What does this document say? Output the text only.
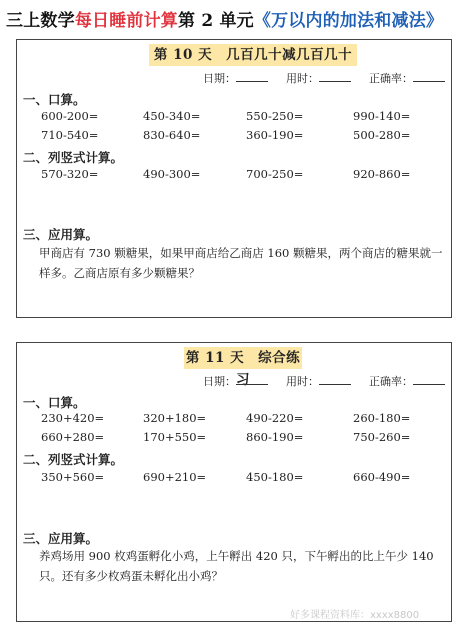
三上数学每日睡前计算第 2 单元《万以内的加法和减法》
第 10 天　几百几十减几百几十
日期：	用时：	正确率：
一、口算。
600-200=	450-340=	550-250=	990-140=
710-540=	830-640=	360-190=	500-280=
二、列竖式计算。
570-320=	490-300=	700-250=	920-860=
三、应用算。
甲商店有 730 颗糖果，如果甲商店给乙商店 160 颗糖果，两个商店的糖果就一样多。乙商店原有多少颗糖果？
第 11 天　综合练习
日期：	用时：	正确率：
一、口算。
230+420=	320+180=	490-220=	260-180=
660+280=	170+550=	860-190=	750-260=
二、列竖式计算。
350+560=	690+210=	450-180=	660-490=
三、应用算。
养鸡场用 900 枚鸡蛋孵化小鸡，上午孵出 420 只，下午孵出的比上午少 140 只。还有多少枚鸡蛋未孵化出小鸡？
好多课程资料库：xxxx8800
